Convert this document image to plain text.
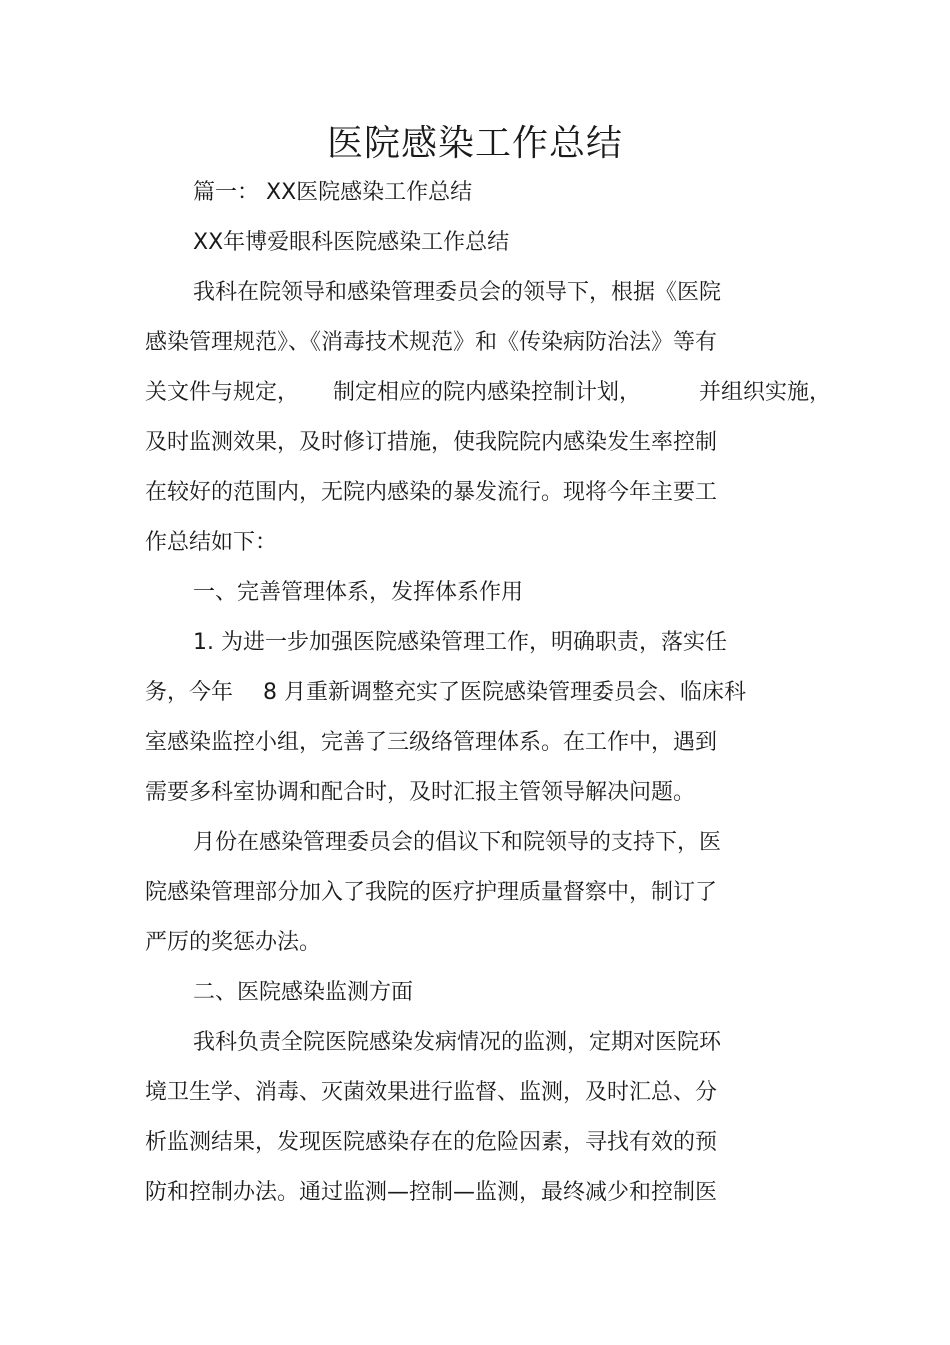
医院感染工作总结
篇一： XX医院感染工作总结
XX年博爱眼科医院感染工作总结
我科在院领导和感染管理委员会的领导下，根据《医院
感染管理规范》、《消毒技术规范》和《传染病防治法》等有
关文件与规定， 制定相应的院内感染控制计划，	并组织实施，
及时监测效果，及时修订措施，使我院院内感染发生率控制
在较好的范围内，无院内感染的暴发流行。现将今年主要工
作总结如下：
一、完善管理体系，发挥体系作用
1. 为进一步加强医院感染管理工作，明确职责，落实任
务，今年 8 月重新调整充实了医院感染管理委员会、临床科
室感染监控小组，完善了三级络管理体系。在工作中，遇到
需要多科室协调和配合时，及时汇报主管领导解决问题。
月份在感染管理委员会的倡议下和院领导的支持下，医
院感染管理部分加入了我院的医疗护理质量督察中，制订了
严厉的奖惩办法。
二、医院感染监测方面
我科负责全院医院感染发病情况的监测，定期对医院环
境卫生学、消毒、灭菌效果进行监督、监测，及时汇总、分
析监测结果，发现医院感染存在的危险因素，寻找有效的预
防和控制办法。通过监测—控制—监测，最终减少和控制医
